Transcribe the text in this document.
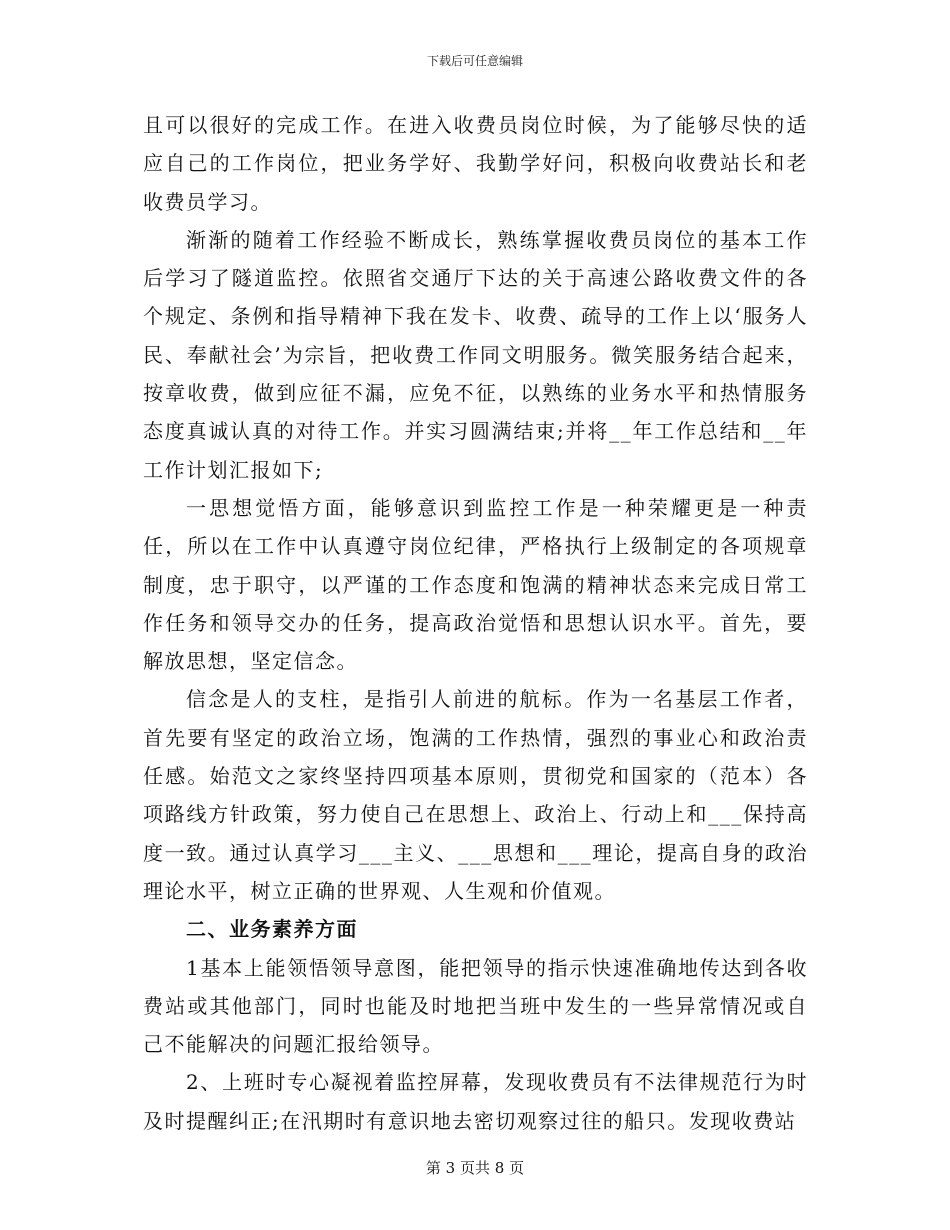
下载后可任意编辑

且可以很好的完成工作。在进入收费员岗位时候，为了能够尽快的适应自己的工作岗位，把业务学好、我勤学好问，积极向收费站长和老收费员学习。

渐渐的随着工作经验不断成长，熟练掌握收费员岗位的基本工作后学习了隧道监控。依照省交通厅下达的关于高速公路收费文件的各个规定、条例和指导精神下我在发卡、收费、疏导的工作上以‘服务人民、奉献社会’为宗旨，把收费工作同文明服务。微笑服务结合起来，按章收费，做到应征不漏，应免不征，以熟练的业务水平和热情服务态度真诚认真的对待工作。并实习圆满结束;并将__年工作总结和__年工作计划汇报如下;

一思想觉悟方面，能够意识到监控工作是一种荣耀更是一种责任，所以在工作中认真遵守岗位纪律，严格执行上级制定的各项规章制度，忠于职守，以严谨的工作态度和饱满的精神状态来完成日常工作任务和领导交办的任务，提高政治觉悟和思想认识水平。首先，要解放思想，坚定信念。

信念是人的支柱，是指引人前进的航标。作为一名基层工作者，首先要有坚定的政治立场，饱满的工作热情，强烈的事业心和政治责任感。始范文之家终坚持四项基本原则，贯彻党和国家的（范本）各项路线方针政策，努力使自己在思想上、政治上、行动上和___保持高度一致。通过认真学习___主义、___思想和___理论，提高自身的政治理论水平，树立正确的世界观、人生观和价值观。

二、业务素养方面

1基本上能领悟领导意图，能把领导的指示快速准确地传达到各收费站或其他部门，同时也能及时地把当班中发生的一些异常情况或自己不能解决的问题汇报给领导。

2、上班时专心凝视着监控屏幕，发现收费员有不法律规范行为时及时提醒纠正;在汛期时有意识地去密切观察过往的船只。发现收费站

第 3 页共 8 页
